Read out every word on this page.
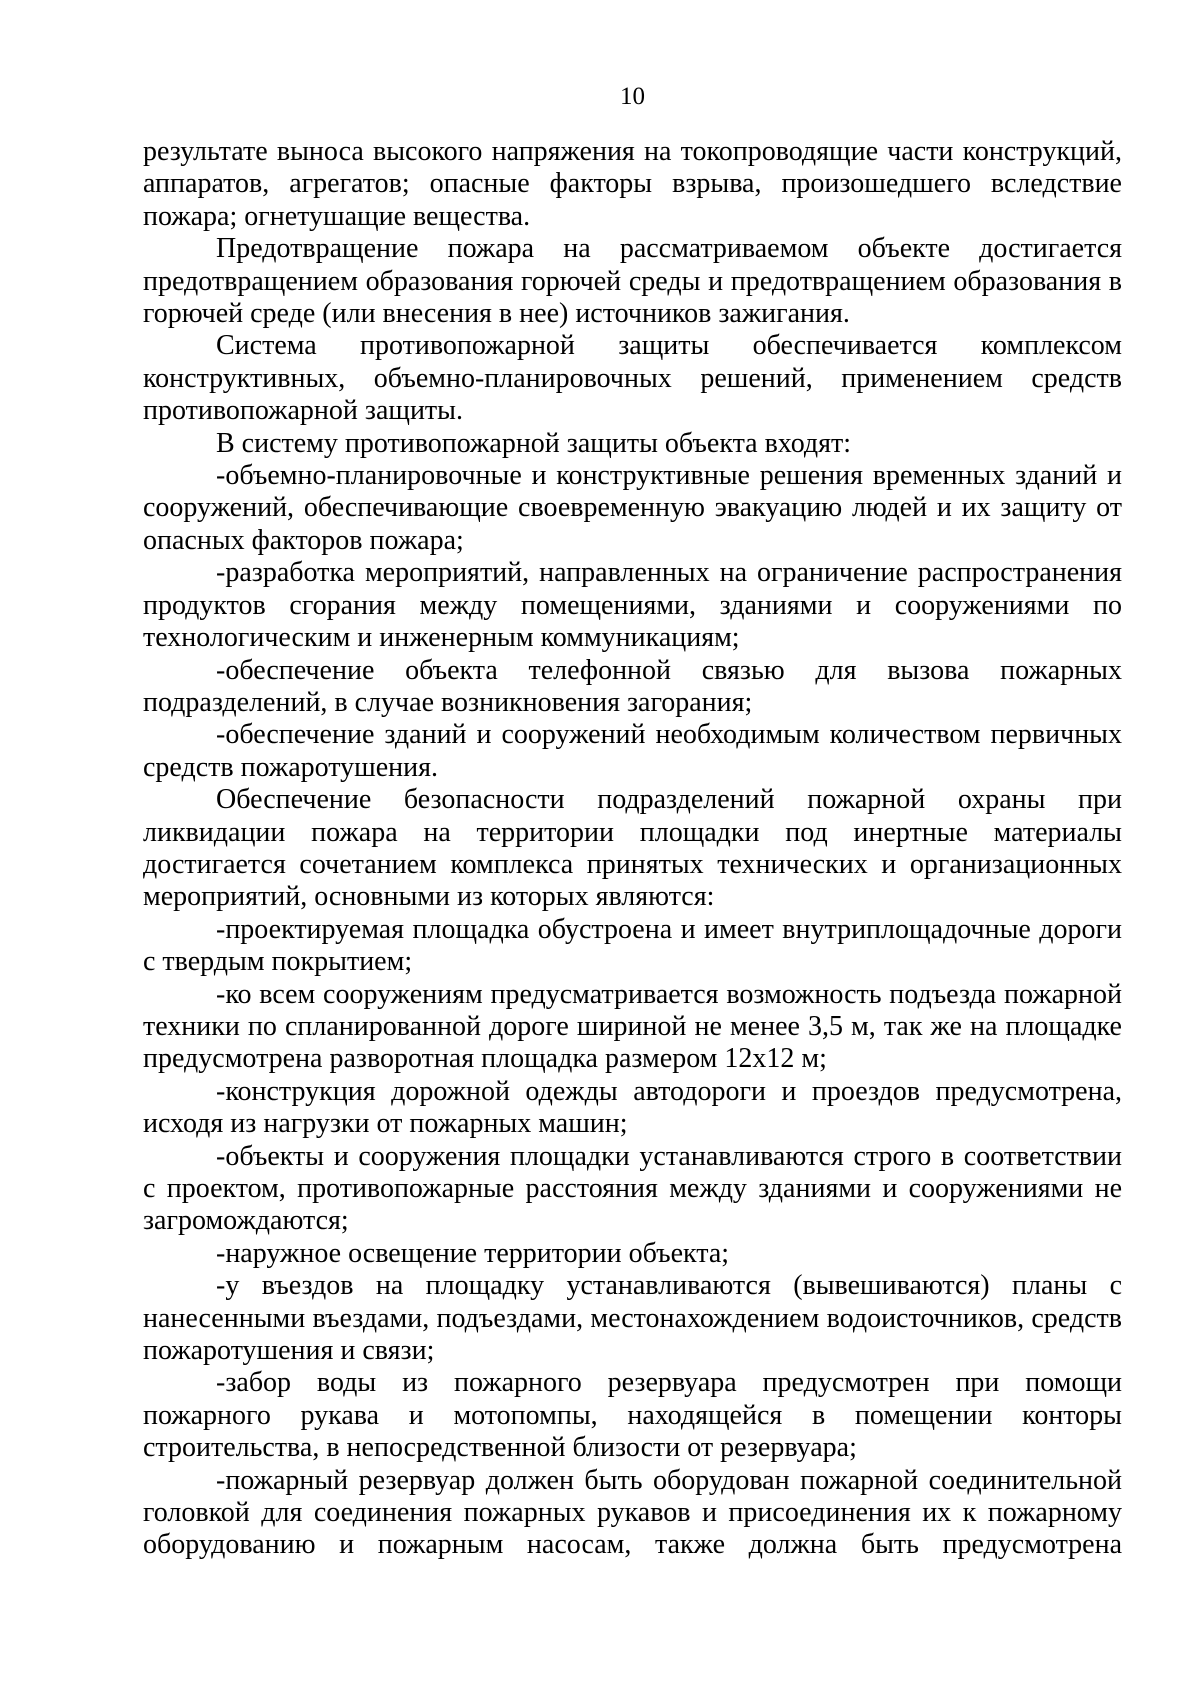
10

результате выноса высокого напряжения на токопроводящие части конструкций, аппаратов, агрегатов; опасные факторы взрыва, произошедшего вследствие пожара; огнетушащие вещества.

Предотвращение пожара на рассматриваемом объекте достигается предотвращением образования горючей среды и предотвращением образования в горючей среде (или внесения в нее) источников зажигания.

Система противопожарной защиты обеспечивается комплексом конструктивных, объемно-планировочных решений, применением средств противопожарной защиты.

В систему противопожарной защиты объекта входят:

-объемно-планировочные и конструктивные решения временных зданий и сооружений, обеспечивающие своевременную эвакуацию людей и их защиту от опасных факторов пожара;

-разработка мероприятий, направленных на ограничение распространения продуктов сгорания между помещениями, зданиями и сооружениями по технологическим и инженерным коммуникациям;

-обеспечение объекта телефонной связью для вызова пожарных подразделений, в случае возникновения загорания;

-обеспечение зданий и сооружений необходимым количеством первичных средств пожаротушения.

Обеспечение безопасности подразделений пожарной охраны при ликвидации пожара на территории площадки под инертные материалы достигается сочетанием комплекса принятых технических и организационных мероприятий, основными из которых являются:

-проектируемая площадка обустроена и имеет внутриплощадочные дороги с твердым покрытием;

-ко всем сооружениям предусматривается возможность подъезда пожарной техники по спланированной дороге шириной не менее 3,5 м, так же на площадке предусмотрена разворотная площадка размером 12х12 м;

-конструкция дорожной одежды автодороги и проездов предусмотрена, исходя из нагрузки от пожарных машин;

-объекты и сооружения площадки устанавливаются строго в соответствии с проектом, противопожарные расстояния между зданиями и сооружениями не загромождаются;

-наружное освещение территории объекта;

-у въездов на площадку устанавливаются (вывешиваются) планы с нанесенными въездами, подъездами, местонахождением водоисточников, средств пожаротушения и связи;

-забор воды из пожарного резервуара предусмотрен при помощи пожарного рукава и мотопомпы, находящейся в помещении конторы строительства, в непосредственной близости от резервуара;

-пожарный резервуар должен быть оборудован пожарной соединительной головкой для соединения пожарных рукавов и присоединения их к пожарному оборудованию и пожарным насосам, также должна быть предусмотрена
